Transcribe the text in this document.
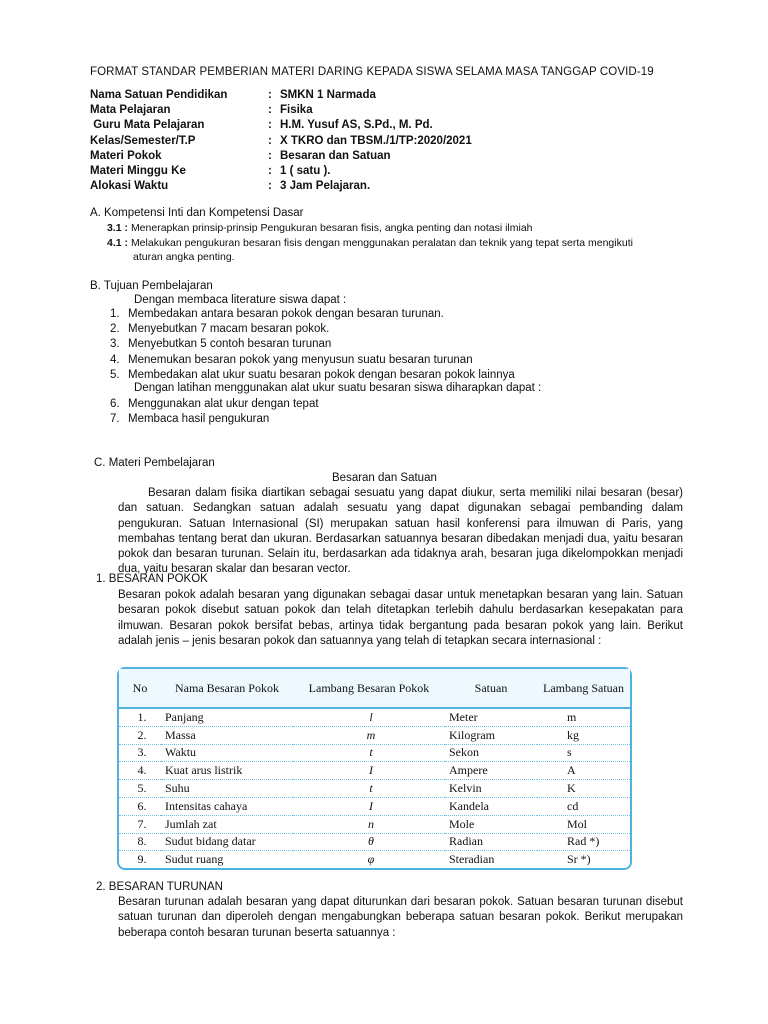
FORMAT STANDAR PEMBERIAN MATERI DARING KEPADA SISWA SELAMA MASA TANGGAP COVID-19
Nama Satuan Pendidikan	: SMKN 1 Narmada
Mata Pelajaran	: Fisika
Guru Mata Pelajaran	: H.M. Yusuf AS, S.Pd., M. Pd.
Kelas/Semester/T.P	: X TKRO dan TBSM./1/TP:2020/2021
Materi Pokok	: Besaran dan Satuan
Materi Minggu Ke	: 1 ( satu ).
Alokasi Waktu	: 3 Jam Pelajaran.
A. Kompetensi Inti dan Kompetensi Dasar
3.1 : Menerapkan prinsip-prinsip Pengukuran besaran fisis, angka penting dan notasi ilmiah
4.1 : Melakukan pengukuran besaran fisis dengan menggunakan peralatan dan teknik yang tepat serta mengikuti
aturan angka penting.
B. Tujuan Pembelajaran
Dengan membaca literature siswa dapat :
1. Membedakan antara besaran pokok dengan besaran turunan.
2. Menyebutkan 7 macam besaran pokok.
3. Menyebutkan 5 contoh besaran turunan
4. Menemukan besaran pokok yang menyusun suatu besaran turunan
5. Membedakan alat ukur suatu besaran pokok dengan besaran pokok lainnya
Dengan latihan menggunakan alat ukur suatu besaran siswa diharapkan dapat :
6. Menggunakan alat ukur dengan tepat
7. Membaca hasil pengukuran
C. Materi Pembelajaran
Besaran dan Satuan

Besaran dalam fisika diartikan sebagai sesuatu yang dapat diukur, serta memiliki nilai besaran (besar) dan satuan. Sedangkan satuan adalah sesuatu yang dapat digunakan sebagai pembanding dalam pengukuran. Satuan Internasional (SI) merupakan satuan hasil konferensi para ilmuwan di Paris, yang membahas tentang berat dan ukuran. Berdasarkan satuannya besaran dibedakan menjadi dua, yaitu besaran pokok dan besaran turunan. Selain itu, berdasarkan ada tidaknya arah, besaran juga dikelompokkan menjadi dua, yaitu besaran skalar dan besaran vector.

1. BESARAN POKOK

Besaran pokok adalah besaran yang digunakan sebagai dasar untuk menetapkan besaran yang lain. Satuan besaran pokok disebut satuan pokok dan telah ditetapkan terlebih dahulu berdasarkan kesepakatan para ilmuwan. Besaran pokok bersifat bebas, artinya tidak bergantung pada besaran pokok yang lain. Berikut adalah jenis – jenis besaran pokok dan satuannya yang telah di tetapkan secara internasional :

No	Nama Besaran Pokok	Lambang Besaran Pokok	Satuan	Lambang Satuan
1.	Panjang	l	Meter	m
2.	Massa	m	Kilogram	kg
3.	Waktu	t	Sekon	s
4.	Kuat arus listrik	I	Ampere	A
5.	Suhu	t	Kelvin	K
6.	Intensitas cahaya	I	Kandela	cd
7.	Jumlah zat	n	Mole	Mol
8.	Sudut bidang datar	θ	Radian	Rad *)
9.	Sudut ruang	φ	Steradian	Sr *)
2. BESARAN TURUNAN

Besaran turunan adalah besaran yang dapat diturunkan dari besaran pokok. Satuan besaran turunan disebut satuan turunan dan diperoleh dengan mengabungkan beberapa satuan besaran pokok. Berikut merupakan beberapa contoh besaran turunan beserta satuannya :
